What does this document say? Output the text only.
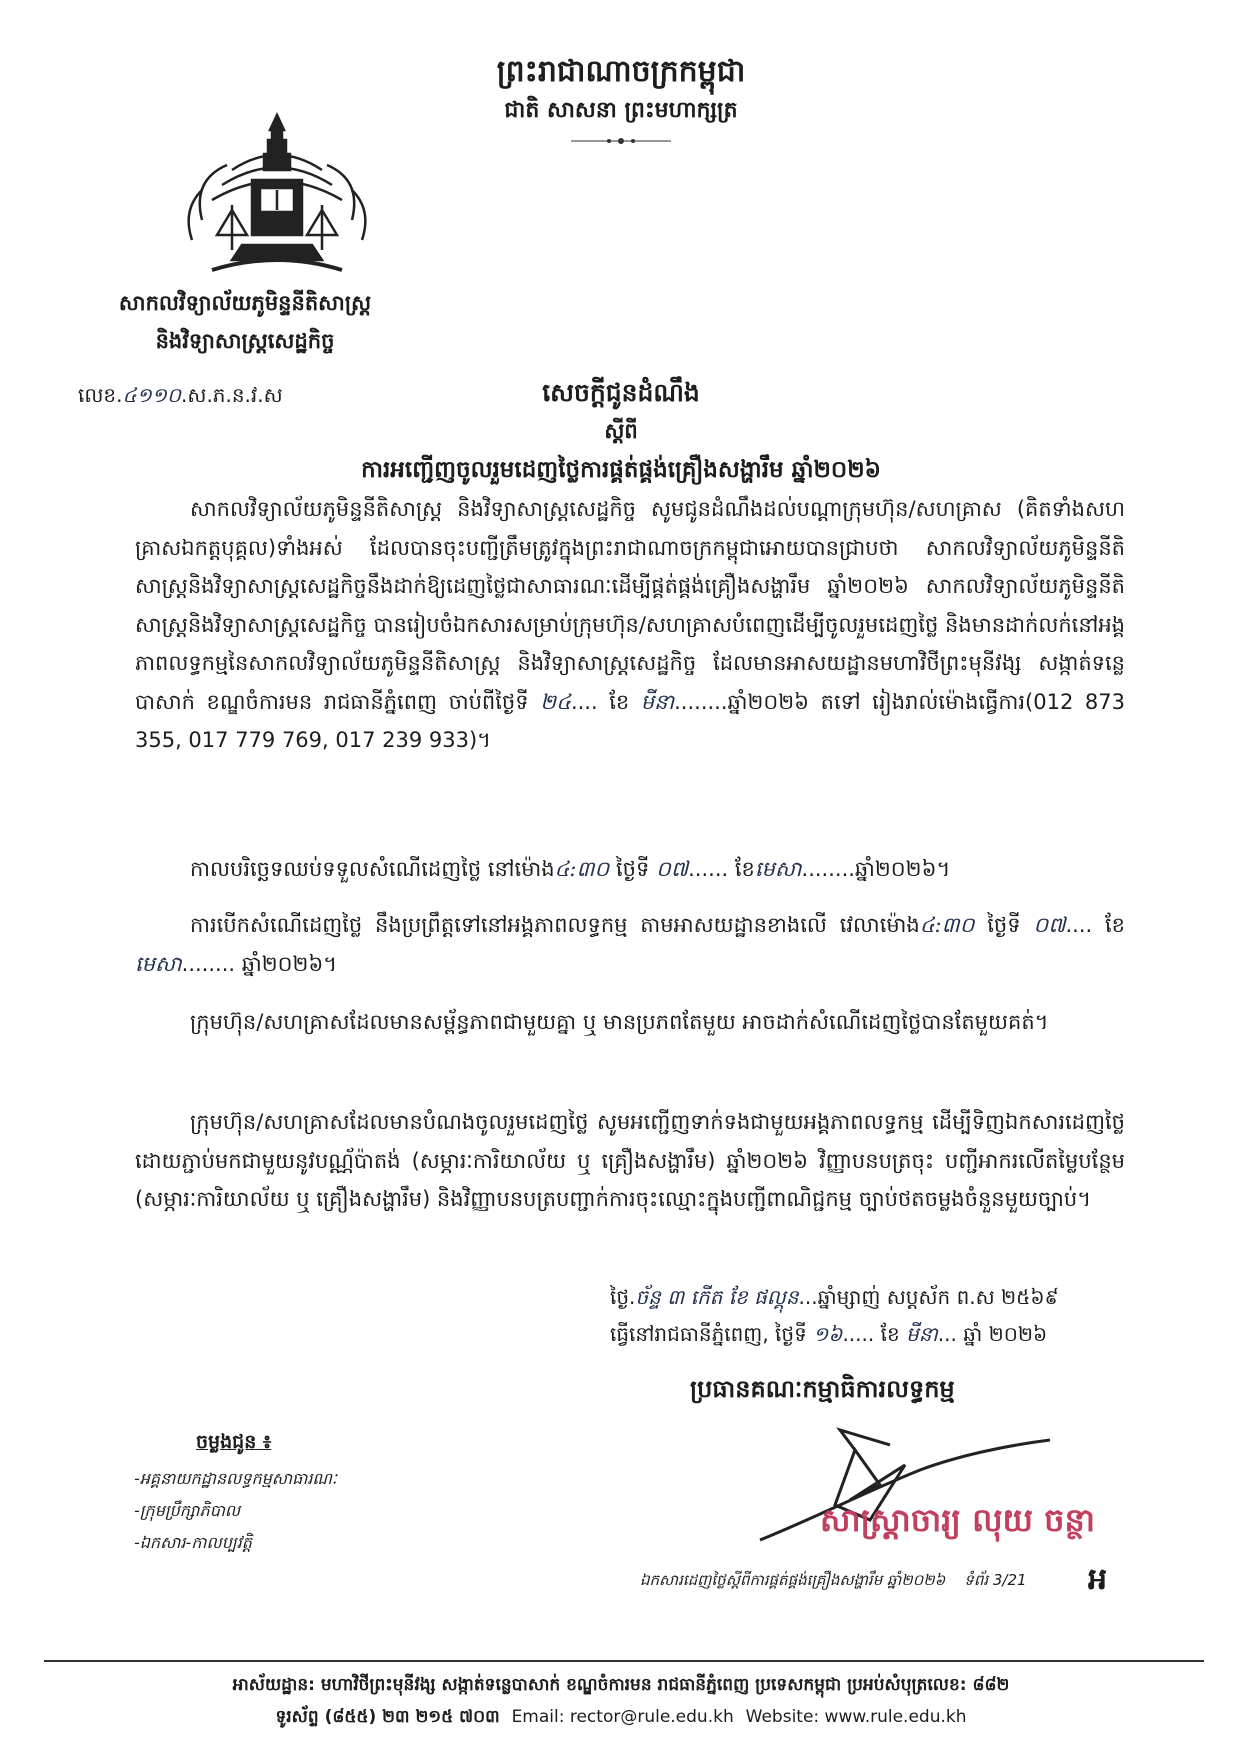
ព្រះរាជាណាចក្រកម្ពុជា
ជាតិ សាសនា ព្រះមហាក្សត្រ
សាកលវិទ្យាល័យភូមិន្ទនីតិសាស្ត្រ
និងវិទ្យាសាស្ត្រសេដ្ឋកិច្ច
លេខ.៤១១០.ស.ភ.ន.វ.ស	សេចក្តីជូនដំណឹង
ស្តីពី
ការអញ្ជើញចូលរួមដេញថ្លៃការផ្គត់ផ្គង់គ្រឿងសង្ហារឹម ឆ្នាំ២០២៦
សាកលវិទ្យាល័យភូមិន្ទនីតិសាស្ត្រ និងវិទ្យាសាស្ត្រសេដ្ឋកិច្ច សូមជូនដំណឹងដល់បណ្តាក្រុមហ៊ុន/សហគ្រាស (គិតទាំងសហគ្រាសឯកត្តបុគ្គល)ទាំងអស់ ដែលបានចុះបញ្ជីត្រឹមត្រូវក្នុងព្រះរាជាណាចក្រកម្ពុជាអោយបានជ្រាបថា សាកលវិទ្យាល័យភូមិន្ទនីតិសាស្ត្រនិងវិទ្យាសាស្ត្រសេដ្ឋកិច្ចនឹងដាក់ឱ្យដេញថ្លៃជាសាធារណៈដើម្បីផ្គត់ផ្គង់គ្រឿងសង្ហារឹម ឆ្នាំ២០២៦ សាកលវិទ្យាល័យភូមិន្ទនីតិសាស្ត្រនិងវិទ្យាសាស្ត្រសេដ្ឋកិច្ច បានរៀបចំឯកសារសម្រាប់ក្រុមហ៊ុន/សហគ្រាសបំពេញដើម្បីចូលរួមដេញថ្លៃ និងមានដាក់លក់នៅអង្គភាពលទ្ធកម្មនៃសាកលវិទ្យាល័យភូមិន្ទនីតិសាស្ត្រ និងវិទ្យាសាស្ត្រសេដ្ឋកិច្ច ដែលមានអាសយដ្ឋានមហាវិថីព្រះមុនីវង្ស សង្កាត់ទន្លេបាសាក់ ខណ្ឌចំការមន រាជធានីភ្នំពេញ ចាប់ពីថ្ងៃទី ២៤.... ខែ មីនា........ឆ្នាំ២០២៦ តទៅ រៀងរាល់ម៉ោងធ្វើការ(012 873 355, 017 779 769, 017 239 933)។
កាលបរិច្ឆេទឈប់ទទួលសំណើដេញថ្លៃ នៅម៉ោង៤:៣០ ថ្ងៃទី ០៧...... ខែមេសា........ឆ្នាំ២០២៦។
ការបើកសំណើដេញថ្លៃ នឹងប្រព្រឹត្តទៅនៅអង្គភាពលទ្ធកម្ម តាមអាសយដ្ឋានខាងលើ វេលាម៉ោង៤:៣០ ថ្ងៃទី ០៧.... ខែ មេសា........ ឆ្នាំ២០២៦។
ក្រុមហ៊ុន/សហគ្រាសដែលមានសម្ព័ន្ធភាពជាមួយគ្នា ឬ មានប្រភពតែមួយ អាចដាក់សំណើដេញថ្លៃបានតែមួយគត់។
ក្រុមហ៊ុន/សហគ្រាសដែលមានបំណងចូលរួមដេញថ្លៃ សូមអញ្ជើញទាក់ទងជាមួយអង្គភាពលទ្ធកម្ម ដើម្បីទិញឯកសារដេញថ្លៃ ដោយភ្ជាប់មកជាមួយនូវបណ្ណ័ប៉ាតង់ (សម្ភារៈការិយាល័យ ឬ គ្រឿងសង្ហារឹម) ឆ្នាំ២០២៦ វិញ្ញាបនបត្រចុះ បញ្ជីអាករលើតម្លៃបន្ថែម (សម្ភារៈការិយាល័យ ឬ គ្រឿងសង្ហារឹម) និងវិញ្ញាបនបត្របញ្ជាក់ការចុះឈ្មោះក្នុងបញ្ជីពាណិជ្ជកម្ម ច្បាប់ថតចម្លងចំនួនមួយច្បាប់។
ថ្ងៃ.ច័ន្ទ ៣ កើត ខែ ផល្គុន...ឆ្នាំម្សាញ់ សប្តស័ក ព.ស ២៥៦៩
ធ្វើនៅរាជធានីភ្នំពេញ, ថ្ងៃទី ១៦..... ខែ មីនា... ឆ្នាំ ២០២៦
ប្រធានគណៈកម្មាធិការលទ្ធកម្ម
សាស្ត្រាចារ្យ លុយ ចន្ថា
ចម្លងជូន ៖
-អគ្គនាយកដ្ឋានលទ្ធកម្មសាធារណៈ
-ក្រុមប្រឹក្សាភិបាល
-ឯកសារ-កាលប្បវត្តិ
ឯកសារដេញថ្លៃស្តីពីការផ្គត់ផ្គង់គ្រឿងសង្ហារឹម ឆ្នាំ២០២៦ ទំព័រ 3/21 អ
អាស័យដ្ឋាន: មហាវិថីព្រះមុនីវង្ស សង្កាត់ទន្លេបាសាក់ ខណ្ឌចំការមន រាជធានីភ្នំពេញ ប្រទេសកម្ពុជា ប្រអប់សំបុត្រលេខ: ៨៨២
ទូរស័ព្ទ (៨៥៥) ២៣ ២១៥ ៧០៣ Email: rector@rule.edu.kh Website: www.rule.edu.kh
